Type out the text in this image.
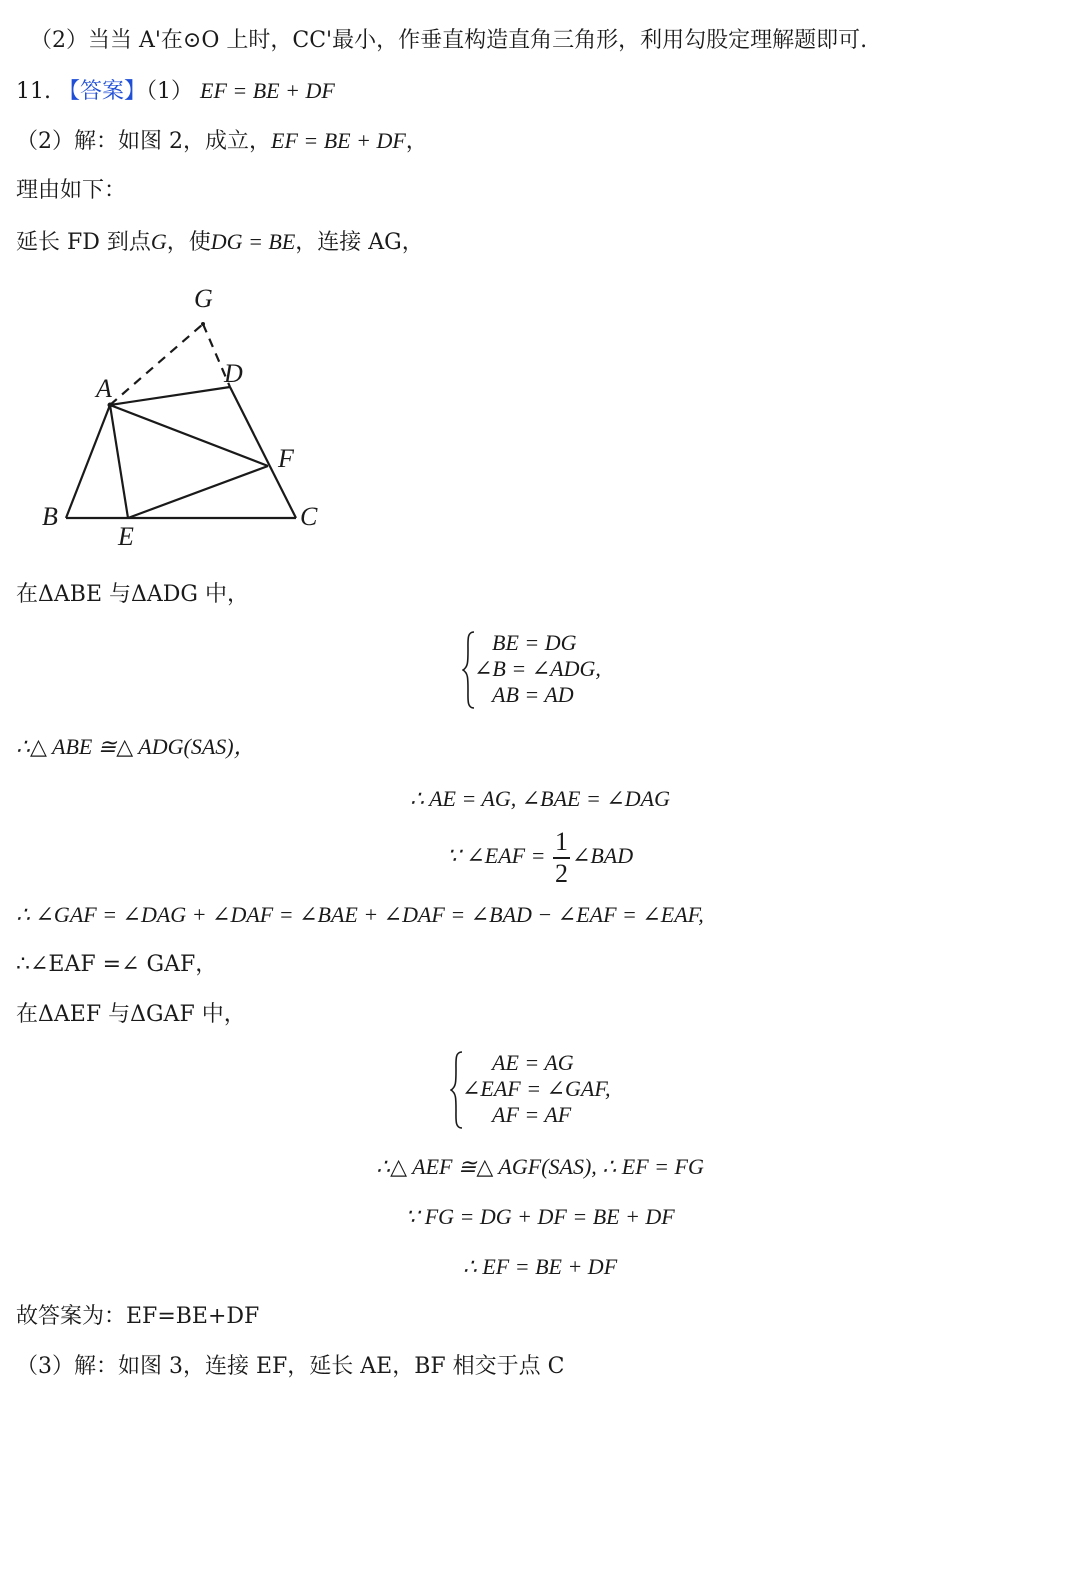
（2）当当 A'在⊙O 上时，CC'最小，作垂直构造直角三角形，利用勾股定理解题即可.
11. 【答案】（1） EF = BE + DF
（2）解：如图 2，成立，EF = BE + DF，
理由如下：
延长 FD 到点G，使DG = BE，连接 AG，
G
D
A
F
B
E
C
在ΔABE 与ΔADG 中，
BE = DG
∠B = ∠ADG,
AB = AD
∴△ ABE ≅△ ADG(SAS)，
∴ AE = AG, ∠BAE = ∠DAG
∵ ∠EAF = $\frac{1}{2}$ ∠BAD
∴ ∠GAF = ∠DAG + ∠DAF = ∠BAE + ∠DAF = ∠BAD − ∠EAF = ∠EAF,
∴∠EAF =∠ GAF，
在ΔAEF 与ΔGAF 中，
AE = AG
∠EAF = ∠GAF,
AF = AF
∴△ AEF ≅△ AGF(SAS), ∴ EF = FG
∵ FG = DG + DF = BE + DF
∴ EF = BE + DF
故答案为：EF=BE+DF
（3）解：如图 3，连接 EF，延长 AE，BF 相交于点 C
